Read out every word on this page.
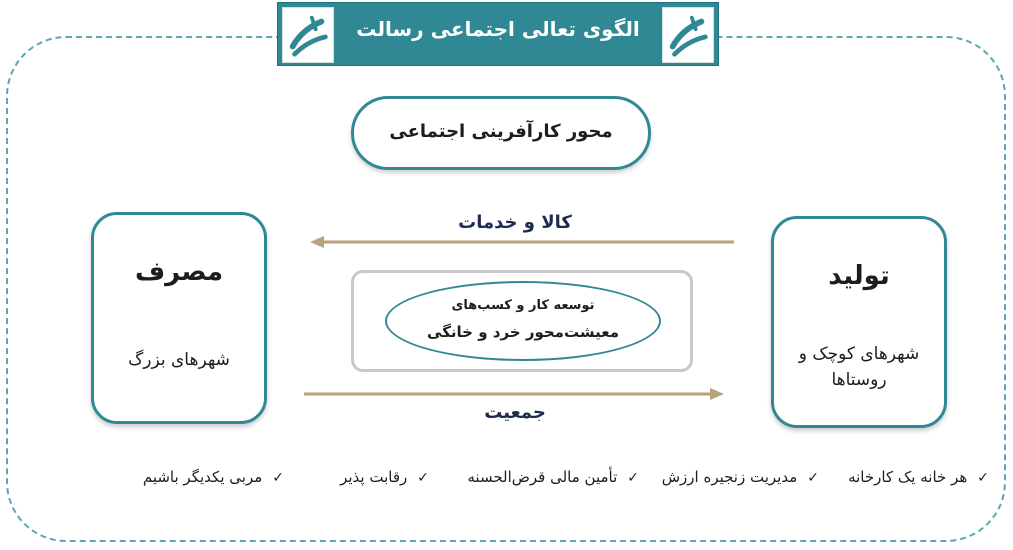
الگوی تعالی اجتماعی رسالت
محور کارآفرینی اجتماعی
مصرف
شهرهای بزرگ
تولید
شهرهای کوچک و روستاها
کالا و خدمات
جمعیت
توسعه کار و کسب‌های
معیشت‌محور خرد و خانگی
✓هر خانه یک کارخانه
✓مدیریت زنجیره ارزش
✓تأمین مالی قرض‌الحسنه
✓رقابت پذیر
✓مربی یکدیگر باشیم
